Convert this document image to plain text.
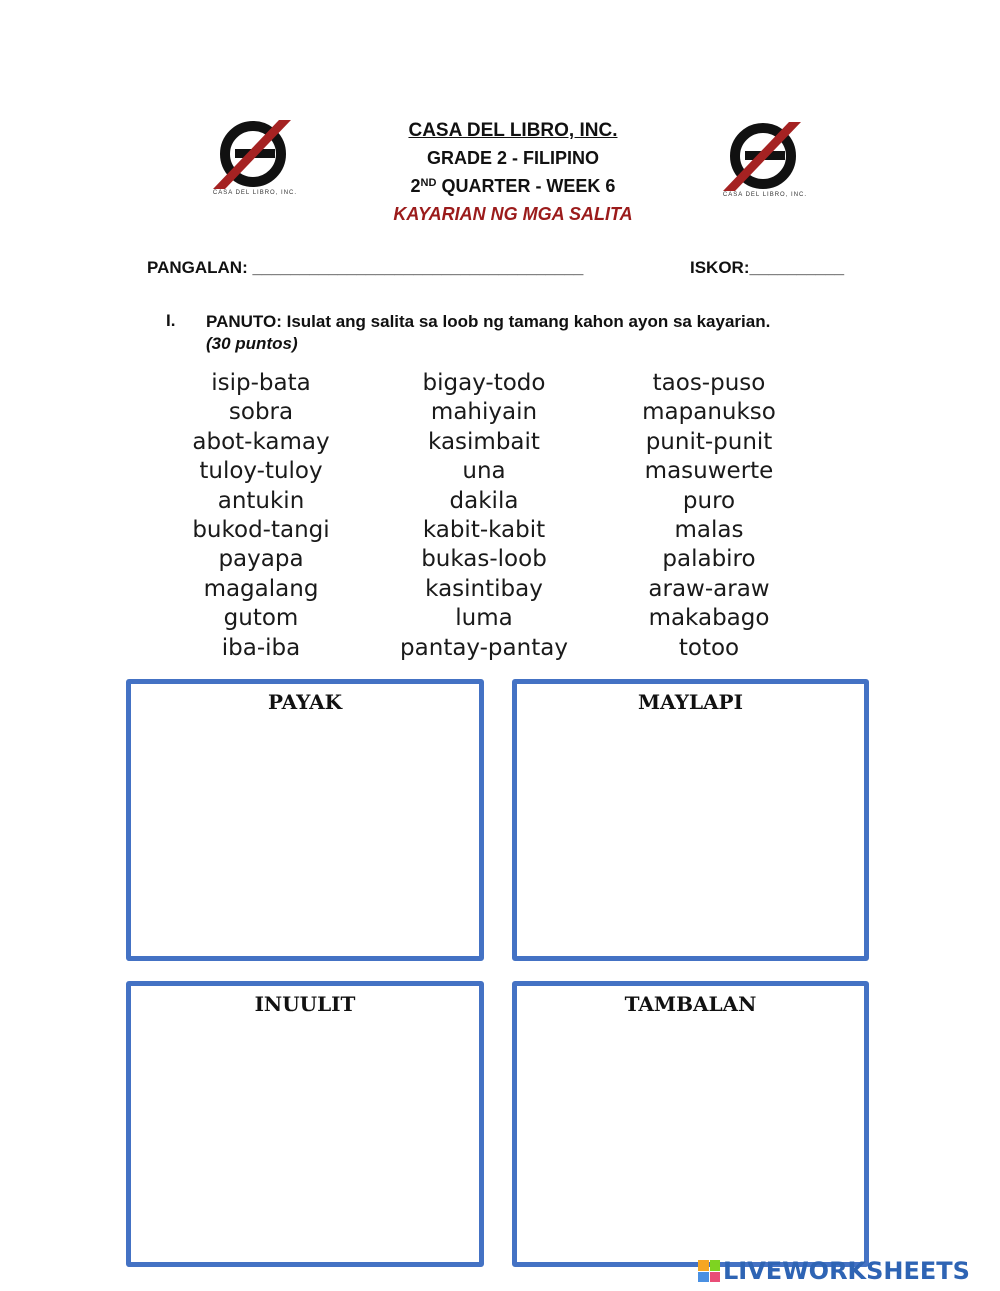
CASA DEL LIBRO, INC.	CASA DEL LIBRO, INC.
CASA DEL LIBRO, INC.
GRADE 2 - FILIPINO
2ND QUARTER - WEEK 6
KAYARIAN NG MGA SALITA
PANGALAN: ___________________________________	ISKOR:__________
I. PANUTO: Isulat ang salita sa loob ng tamang kahon ayon sa kayarian.
(30 puntos)
isip-bata
sobra
abot-kamay
tuloy-tuloy
antukin
bukod-tangi
payapa
magalang
gutom
iba-iba
bigay-todo
mahiyain
kasimbait
una
dakila
kabit-kabit
bukas-loob
kasintibay
luma
pantay-pantay
taos-puso
mapanukso
punit-punit
masuwerte
puro
malas
palabiro
araw-araw
makabago
totoo
PAYAK	MAYLAPI
INUULIT	TAMBALAN
LIVEWORKSHEETS
